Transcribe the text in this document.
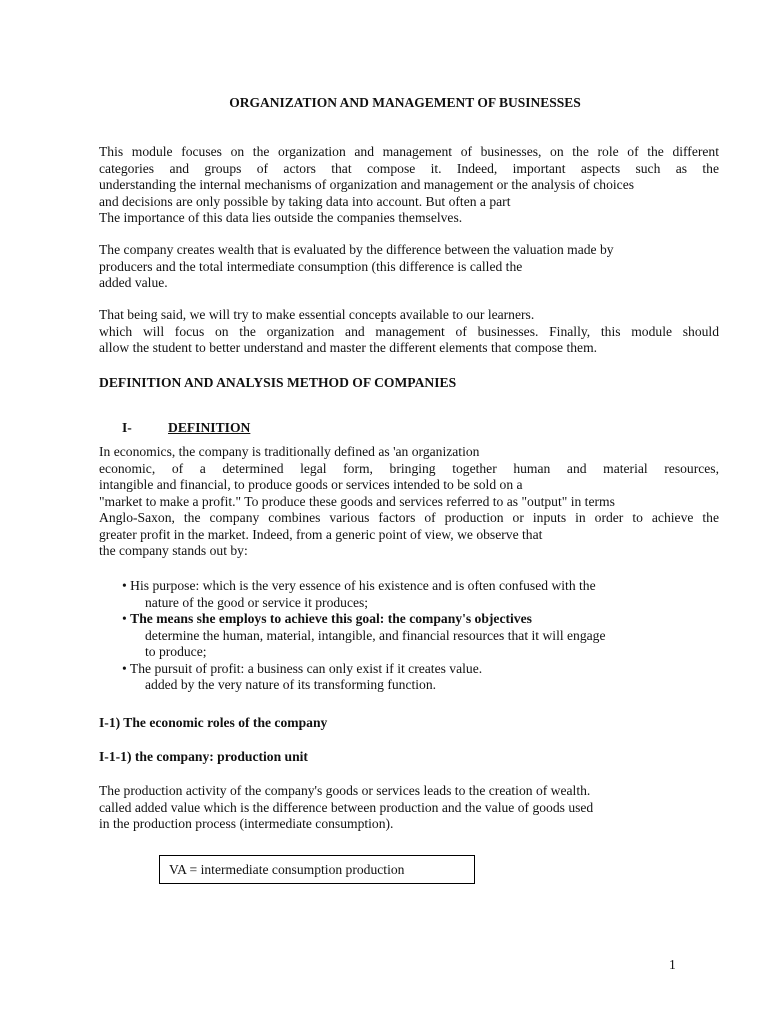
ORGANIZATION AND MANAGEMENT OF BUSINESSES
This module focuses on the organization and management of businesses, on the role of the different
categories and groups of actors that compose it. Indeed, important aspects such as the
understanding the internal mechanisms of organization and management or the analysis of choices
and decisions are only possible by taking data into account. But often a part
The importance of this data lies outside the companies themselves.
The company creates wealth that is evaluated by the difference between the valuation made by
producers and the total intermediate consumption (this difference is called the
added value.
That being said, we will try to make essential concepts available to our learners.
which will focus on the organization and management of businesses. Finally, this module should
allow the student to better understand and master the different elements that compose them.
DEFINITION AND ANALYSIS METHOD OF COMPANIES
I-	DEFINITION
In economics, the company is traditionally defined as 'an organization
economic, of a determined legal form, bringing together human and material resources,
intangible and financial, to produce goods or services intended to be sold on a
"market to make a profit." To produce these goods and services referred to as "output" in terms
Anglo-Saxon, the company combines various factors of production or inputs in order to achieve the
greater profit in the market. Indeed, from a generic point of view, we observe that
the company stands out by:
• His purpose: which is the very essence of his existence and is often confused with the
nature of the good or service it produces;
• The means she employs to achieve this goal: the company's objectives
determine the human, material, intangible, and financial resources that it will engage
to produce;
• The pursuit of profit: a business can only exist if it creates value.
added by the very nature of its transforming function.
I-1) The economic roles of the company
I-1-1) the company: production unit
The production activity of the company's goods or services leads to the creation of wealth.
called added value which is the difference between production and the value of goods used
in the production process (intermediate consumption).
VA = intermediate consumption production
1
